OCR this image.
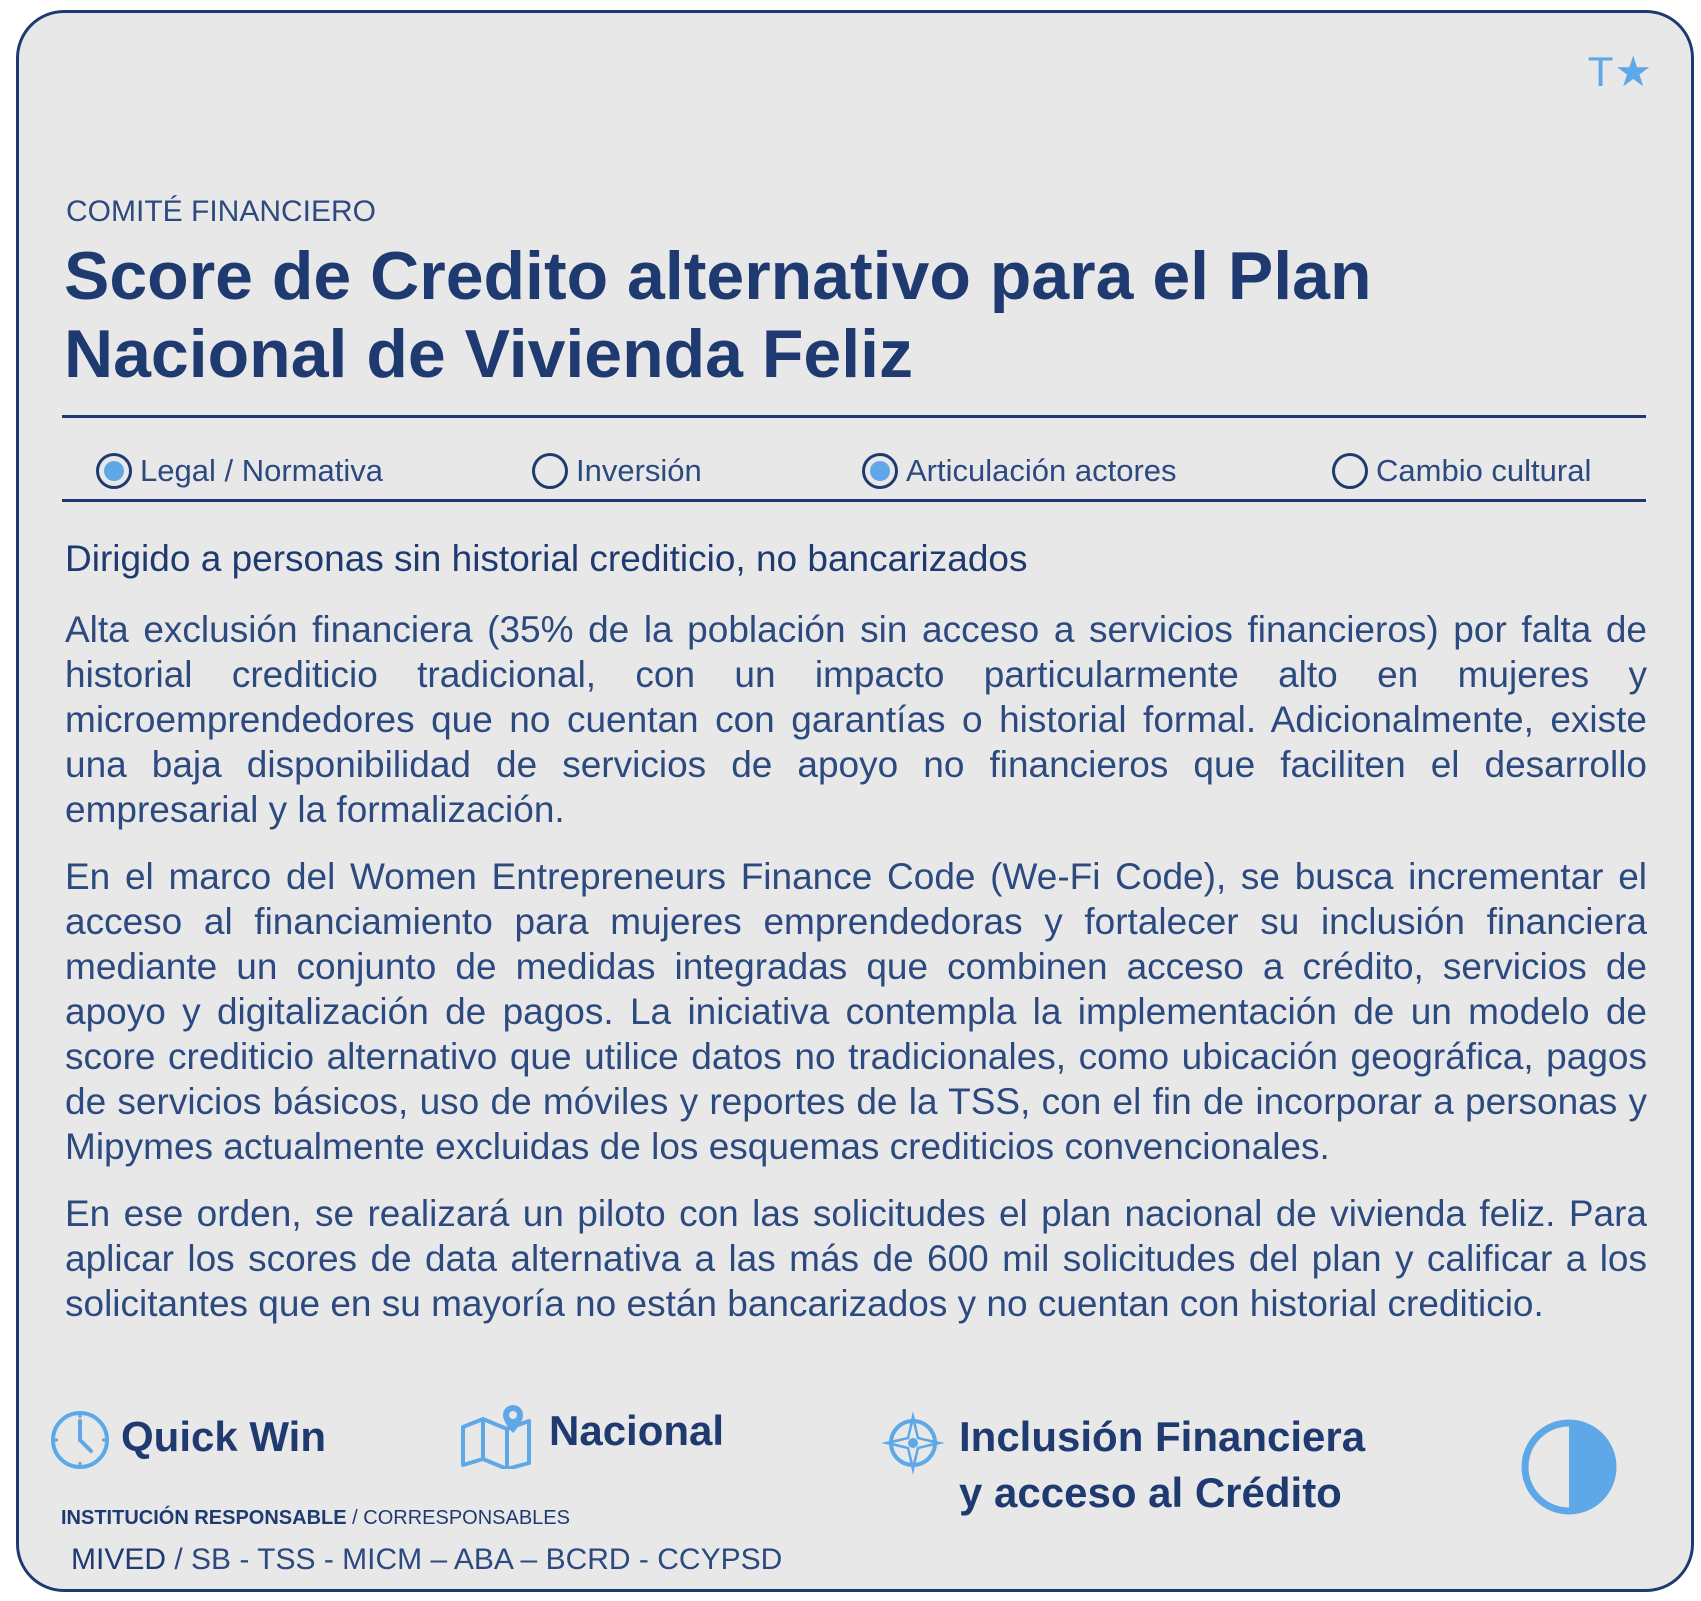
T★
COMITÉ FINANCIERO
Score de Credito alternativo para el Plan Nacional de Vivienda Feliz
Legal / Normativa	Inversión	Articulación actores	Cambio cultural
Dirigido a personas sin historial crediticio, no bancarizados

Alta exclusión financiera (35% de la población sin acceso a servicios financieros) por falta de historial crediticio tradicional, con un impacto particularmente alto en mujeres y microemprendedores que no cuentan con garantías o historial formal. Adicionalmente, existe una baja disponibilidad de servicios de apoyo no financieros que faciliten el desarrollo empresarial y la formalización.

En el marco del Women Entrepreneurs Finance Code (We-Fi Code), se busca incrementar el acceso al financiamiento para mujeres emprendedoras y fortalecer su inclusión financiera mediante un conjunto de medidas integradas que combinen acceso a crédito, servicios de apoyo y digitalización de pagos. La iniciativa contempla la implementación de un modelo de score crediticio alternativo que utilice datos no tradicionales, como ubicación geográfica, pagos de servicios básicos, uso de móviles y reportes de la TSS, con el fin de incorporar a personas y Mipymes actualmente excluidas de los esquemas crediticios convencionales.

En ese orden, se realizará un piloto con las solicitudes el plan nacional de vivienda feliz. Para aplicar los scores de data alternativa a las más de 600 mil solicitudes del plan y calificar a los solicitantes que en su mayoría no están bancarizados y no cuentan con historial crediticio.

Quick Win	Nacional	Inclusión Financiera
y acceso al Crédito
INSTITUCIÓN RESPONSABLE / CORRESPONSABLES
MIVED / SB - TSS - MICM – ABA – BCRD - CCYPSD
